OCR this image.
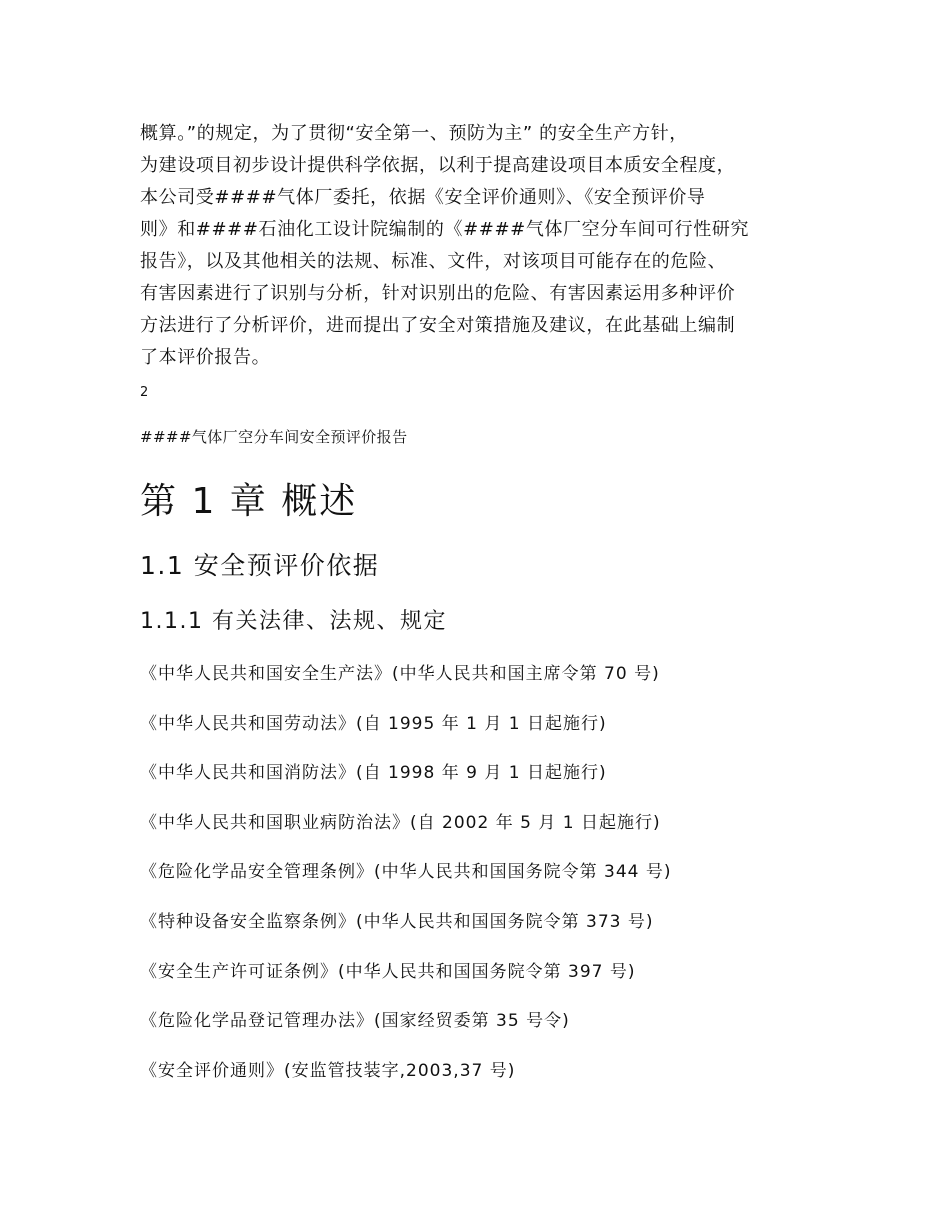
概算。”的规定，为了贯彻“安全第一、预防为主” 的安全生产方针，
为建设项目初步设计提供科学依据，以利于提高建设项目本质安全程度，
本公司受####气体厂委托，依据《安全评价通则》、《安全预评价导
则》和####石油化工设计院编制的《####气体厂空分车间可行性研究
报告》，以及其他相关的法规、标准、文件，对该项目可能存在的危险、
有害因素进行了识别与分析，针对识别出的危险、有害因素运用多种评价
方法进行了分析评价，进而提出了安全对策措施及建议，在此基础上编制
了本评价报告。

2
####气体厂空分车间安全预评价报告
第 1 章 概述
1.1 安全预评价依据
1.1.1 有关法律、法规、规定
《中华人民共和国安全生产法》(中华人民共和国主席令第 70 号)
《中华人民共和国劳动法》(自 1995 年 1 月 1 日起施行)
《中华人民共和国消防法》(自 1998 年 9 月 1 日起施行)
《中华人民共和国职业病防治法》(自 2002 年 5 月 1 日起施行)
《危险化学品安全管理条例》(中华人民共和国国务院令第 344 号)
《特种设备安全监察条例》(中华人民共和国国务院令第 373 号)
《安全生产许可证条例》(中华人民共和国国务院令第 397 号)
《危险化学品登记管理办法》(国家经贸委第 35 号令)
《安全评价通则》(安监管技装字,2003,37 号)
